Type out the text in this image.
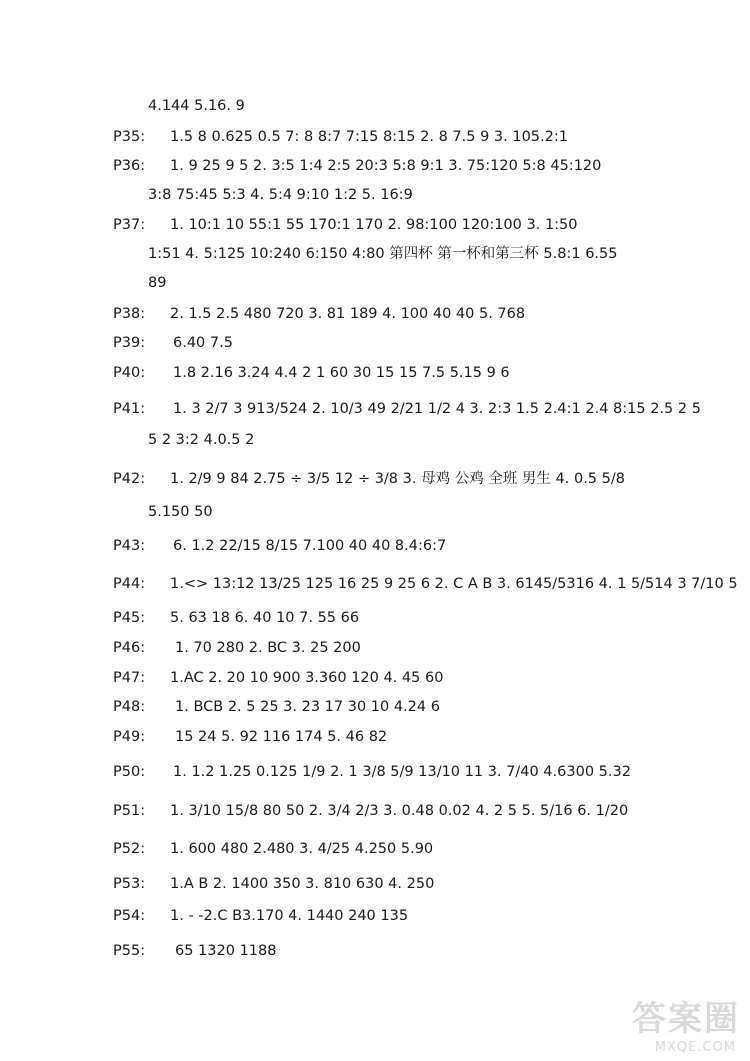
4.144 5.16. 9
P35: 1.5 8 0.625 0.5 7: 8 8:7 7:15 8:15 2. 8 7.5 9 3. 105.2:1
P36: 1. 9 25 9 5 2. 3:5 1:4 2:5 20:3 5:8 9:1 3. 75:120 5:8 45:120
3:8 75:45 5:3 4. 5:4 9:10 1:2 5. 16:9
P37: 1. 10:1 10 55:1 55 170:1 170 2. 98:100 120:100 3. 1:50
1:51 4. 5:125 10:240 6:150 4:80 第四杯 第一杯和第三杯 5.8:1 6.55
89
P38: 2. 1.5 2.5 480 720 3. 81 189 4. 100 40 40 5. 768
P39: 6.40 7.5
P40: 1.8 2.16 3.24 4.4 2 1 60 30 15 15 7.5 5.15 9 6
P41: 1. 3 2/7 3 913/524 2. 10/3 49 2/21 1/2 4 3. 2:3 1.5 2.4:1 2.4 8:15 2.5 2 5
5 2 3:2 4.0.5 2
P42: 1. 2/9 9 84 2.75 ÷ 3/5 12 ÷ 3/8 3. 母鸡 公鸡 全班 男生 4. 0.5 5/8
5.150 50
P43: 6. 1.2 22/15 8/15 7.100 40 40 8.4:6:7
P44: 1.<> 13:12 13/25 125 16 25 9 25 6 2. C A B 3. 6145/5316 4. 1 5/514 3 7/10 5
P45: 5. 63 18 6. 40 10 7. 55 66
P46: 1. 70 280 2. BC 3. 25 200
P47: 1.AC 2. 20 10 900 3.360 120 4. 45 60
P48: 1. BCB 2. 5 25 3. 23 17 30 10 4.24 6
P49: 15 24 5. 92 116 174 5. 46 82
P50: 1. 1.2 1.25 0.125 1/9 2. 1 3/8 5/9 13/10 11 3. 7/40 4.6300 5.32
P51: 1. 3/10 15/8 80 50 2. 3/4 2/3 3. 0.48 0.02 4. 2 5 5. 5/16 6. 1/20
P52: 1. 600 480 2.480 3. 4/25 4.250 5.90
P53: 1.A B 2. 1400 350 3. 810 630 4. 250
P54: 1. - -2.C B3.170 4. 1440 240 135
P55: 65 1320 1188
答案圈
MXQE.COM
